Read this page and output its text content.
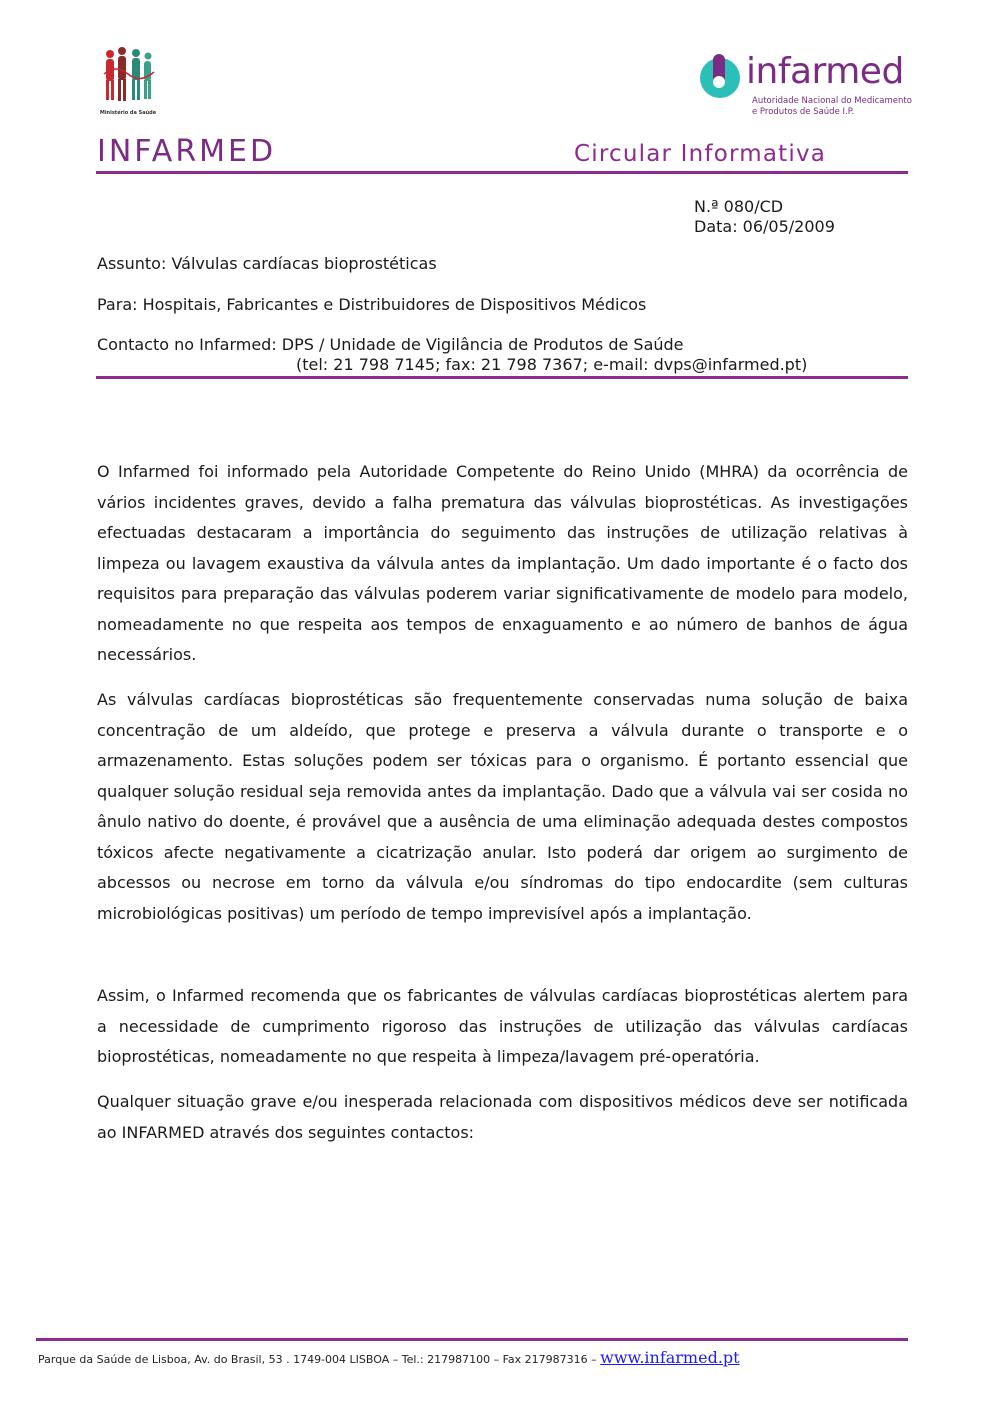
Ministério da Saúde
infarmed
Autoridade Nacional do Medicamento
e Produtos de Saúde I.P.
INFARMED	Circular Informativa
N.ª 080/CD
Data: 06/05/2009
Assunto: Válvulas cardíacas bioprostéticas
Para: Hospitais, Fabricantes e Distribuidores de Dispositivos Médicos
Contacto no Infarmed: DPS / Unidade de Vigilância de Produtos de Saúde
(tel: 21 798 7145; fax: 21 798 7367; e-mail: dvps@infarmed.pt)

O Infarmed foi informado pela Autoridade Competente do Reino Unido (MHRA) da ocorrência de vários incidentes graves, devido a falha prematura das válvulas bioprostéticas. As investigações efectuadas destacaram a importância do seguimento das instruções de utilização relativas à limpeza ou lavagem exaustiva da válvula antes da implantação. Um dado importante é o facto dos requisitos para preparação das válvulas poderem variar significativamente de modelo para modelo, nomeadamente no que respeita aos tempos de enxaguamento e ao número de banhos de água necessários.

As válvulas cardíacas bioprostéticas são frequentemente conservadas numa solução de baixa concentração de um aldeído, que protege e preserva a válvula durante o transporte e o armazenamento. Estas soluções podem ser tóxicas para o organismo. É portanto essencial que qualquer solução residual seja removida antes da implantação. Dado que a válvula vai ser cosida no ânulo nativo do doente, é provável que a ausência de uma eliminação adequada destes compostos tóxicos afecte negativamente a cicatrização anular. Isto poderá dar origem ao surgimento de abcessos ou necrose em torno da válvula e/ou síndromas do tipo endocardite (sem culturas microbiológicas positivas) um período de tempo imprevisível após a implantação.

Assim, o Infarmed recomenda que os fabricantes de válvulas cardíacas bioprostéticas alertem para a necessidade de cumprimento rigoroso das instruções de utilização das válvulas cardíacas bioprostéticas, nomeadamente no que respeita à limpeza/lavagem pré-operatória.

Qualquer situação grave e/ou inesperada relacionada com dispositivos médicos deve ser notificada ao INFARMED através dos seguintes contactos:

Parque da Saúde de Lisboa, Av. do Brasil, 53 . 1749-004 LISBOA – Tel.: 217987100 – Fax 217987316 – www.infarmed.pt
